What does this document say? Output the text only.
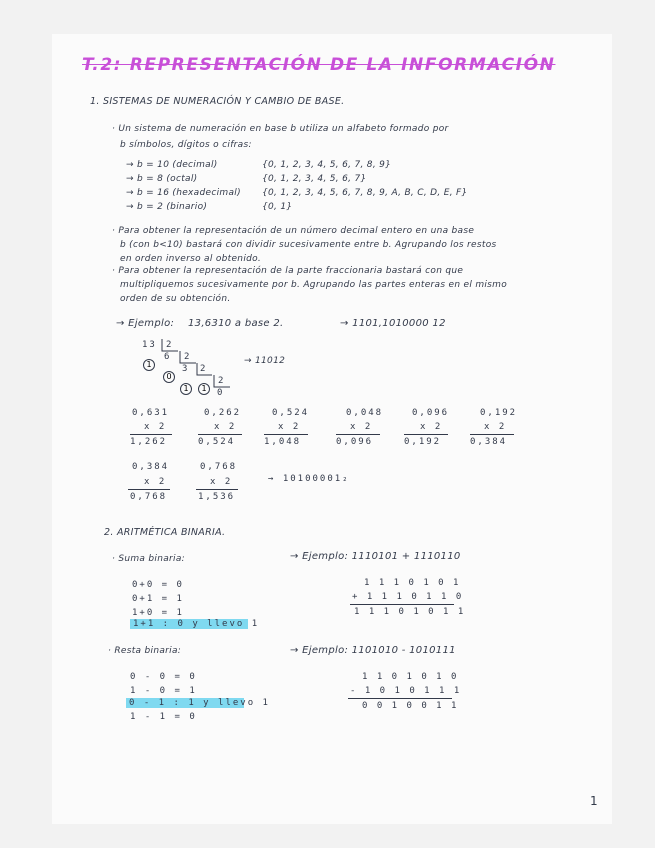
T.2: REPRESENTACIÓN DE LA INFORMACIÓN
1. SISTEMAS DE NUMERACIÓN Y CAMBIO DE BASE.
· Un sistema de numeración en base b utiliza un alfabeto formado por
b símbolos, dígitos o cifras:
→ b = 10 (decimal)	{0, 1, 2, 3, 4, 5, 6, 7, 8, 9}
→ b = 8 (octal)	{0, 1, 2, 3, 4, 5, 6, 7}
→ b = 16 (hexadecimal) {0, 1, 2, 3, 4, 5, 6, 7, 8, 9, A, B, C, D, E, F}
→ b = 2 (binario)	{0, 1}
· Para obtener la representación de un número decimal entero en una base
b (con b<10) bastará con dividir sucesivamente entre b. Agrupando los restos
en orden inverso al obtenido.
· Para obtener la representación de la parte fraccionaria bastará con que
multipliquemos sucesivamente por b. Agrupando las partes enteras en el mismo
orden de su obtención.
→ Ejemplo: 13,6310 a base 2.	→ 1101,1010000 12
13 2
1
6 2
0
3 2
1	1
2
0
→ 11012
0,631
x 2
1,262
0,262
x 2
0,524
0,524
x 2
1,048
0,048
x 2
0,096
0,096
x 2
0,192
0,192
x 2
0,384
0,384
x 2
0,768
0,768
x 2
1,536
→ 10100001₂
2. ARITMÉTICA BINARIA.
· Suma binaria:	→ Ejemplo: 1110101 + 1110110
0+0 = 0
0+1 = 1
1+0 = 1
1+1 : 0 y llevo 1
1 1 1 0 1 0 1
+ 1 1 1 0 1 1 0
1 1 1 0 1 0 1 1
· Resta binaria:	→ Ejemplo: 1101010 - 1010111
0 - 0 = 0
1 - 0 = 1
0 - 1 : 1 y llevo 1
1 - 1 = 0
1 1 0 1 0 1 0
- 1 0 1 0 1 1 1
0 0 1 0 0 1 1
1
